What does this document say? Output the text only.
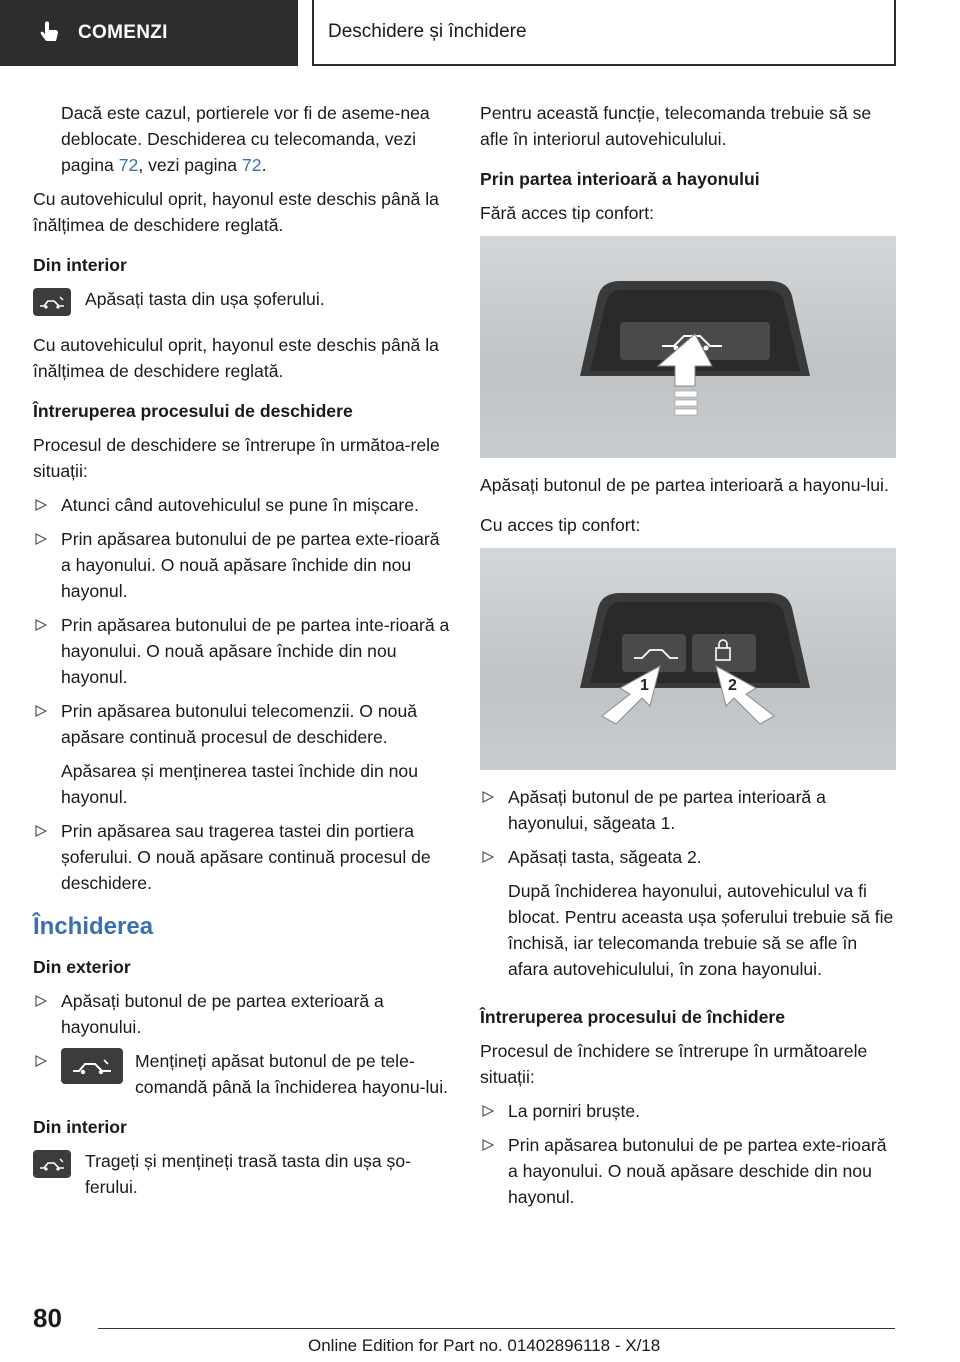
COMENZI	Deschidere și închidere

Dacă este cazul, portierele vor fi de aseme-nea deblocate. Deschiderea cu telecomanda, vezi pagina 72, vezi pagina 72.

Cu autovehiculul oprit, hayonul este deschis până la înălțimea de deschidere reglată.

Din interior
Apăsați tasta din ușa șoferului.

Cu autovehiculul oprit, hayonul este deschis până la înălțimea de deschidere reglată.

Întreruperea procesului de deschidere

Procesul de deschidere se întrerupe în următoa-rele situații:

Atunci când autovehiculul se pune în mișcare.
Prin apăsarea butonului de pe partea exte-rioară a hayonului. O nouă apăsare închide din nou hayonul.
Prin apăsarea butonului de pe partea inte-rioară a hayonului. O nouă apăsare închide din nou hayonul.
Prin apăsarea butonului telecomenzii. O nouă apăsare continuă procesul de deschidere.

Apăsarea și menținerea tastei închide din nou hayonul.

Prin apăsarea sau tragerea tastei din portiera șoferului. O nouă apăsare continuă procesul de deschidere.
Închiderea
Din exterior
Apăsați butonul de pe partea exterioară a hayonului.
Mențineți apăsat butonul de pe tele-comandă până la închiderea hayonu-lui.
Din interior
Trageți și mențineți trasă tasta din ușa șo-ferului.

Pentru această funcție, telecomanda trebuie să se afle în interiorul autovehiculului.

Prin partea interioară a hayonului

Fără acces tip confort:

Apăsați butonul de pe partea interioară a hayonu-lui.

Cu acces tip confort:

1	2
Apăsați butonul de pe partea interioară a hayonului, săgeata 1.
Apăsați tasta, săgeata 2.

După închiderea hayonului, autovehiculul va fi blocat. Pentru aceasta ușa șoferului trebuie să fie închisă, iar telecomanda trebuie să se afle în afara autovehiculului, în zona hayonului.

Întreruperea procesului de închidere

Procesul de închidere se întrerupe în următoarele situații:

La porniri bruște.
Prin apăsarea butonului de pe partea exte-rioară a hayonului. O nouă apăsare deschide din nou hayonul.
80
Online Edition for Part no. 01402896118 - X/18
